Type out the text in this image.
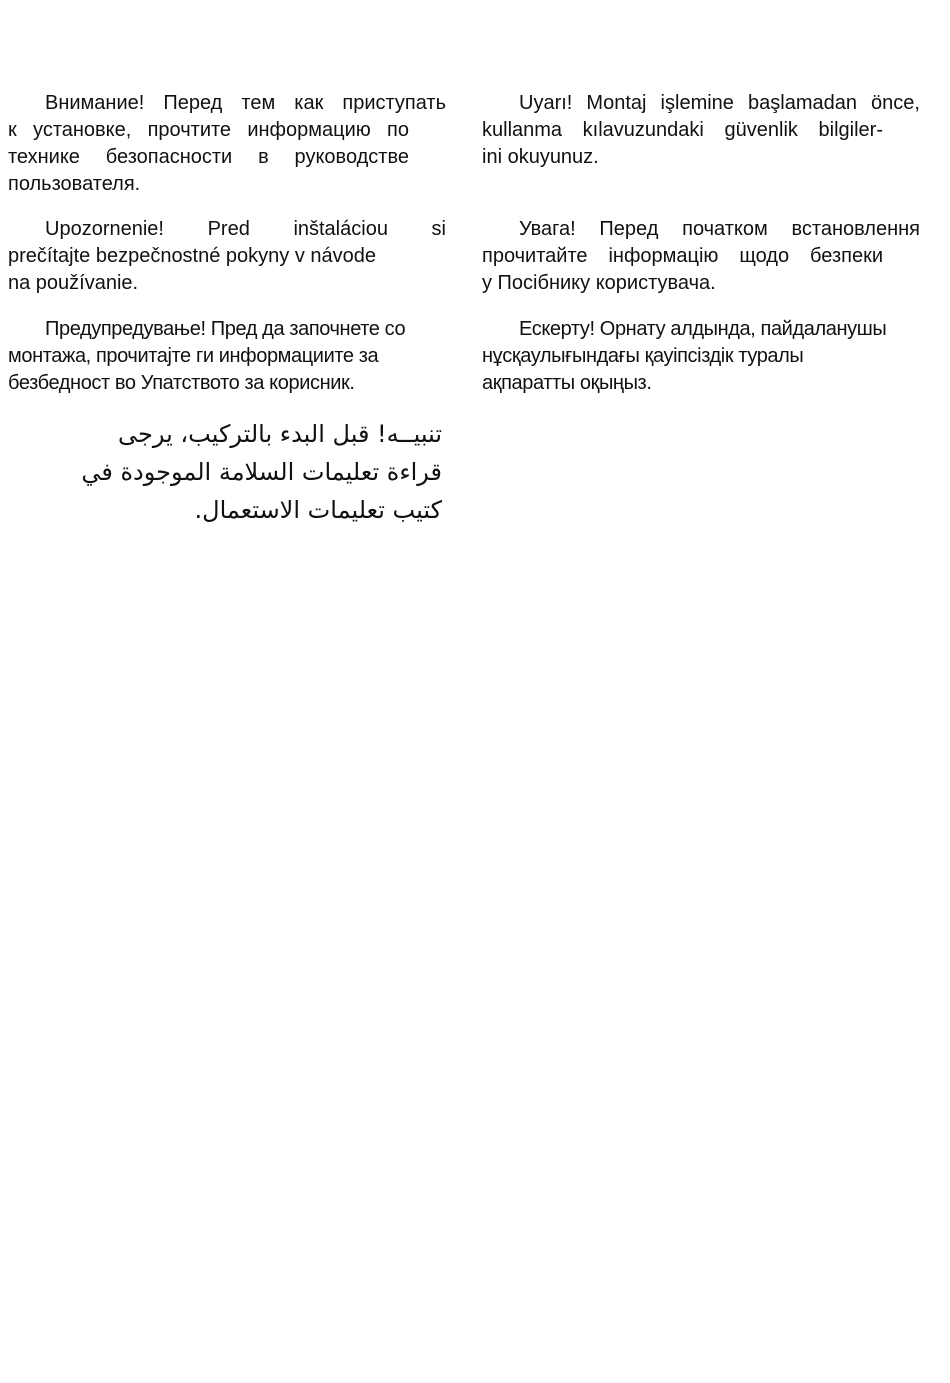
Внимание! Перед тем как приступать
к установке, прочтите информацию по
технике безопасности в руководстве
пользователя.
Upozornenie! Pred inštaláciou si
prečítajte bezpečnostné pokyny v návode
na používanie.
Предупредување! Пред да започнете со
монтажа, прочитајте ги информациите за
безбедност во Упатството за корисник.
تنبيــه! قبل البدء بالتركيب، يرجى
قراءة تعليمات السلامة الموجودة في
كتيب تعليمات الاستعمال.
Uyarı! Montaj işlemine başlamadan önce,
kullanma kılavuzundaki güvenlik bilgiler-
ini okuyunuz.
Увага! Перед початком встановлення
прочитайте інформацію щодо безпеки
у Посібнику користувача.
Ескерту! Орнату алдында, пайдаланушы
нұсқаулығындағы қауіпсіздік туралы
ақпаратты оқыңыз.
